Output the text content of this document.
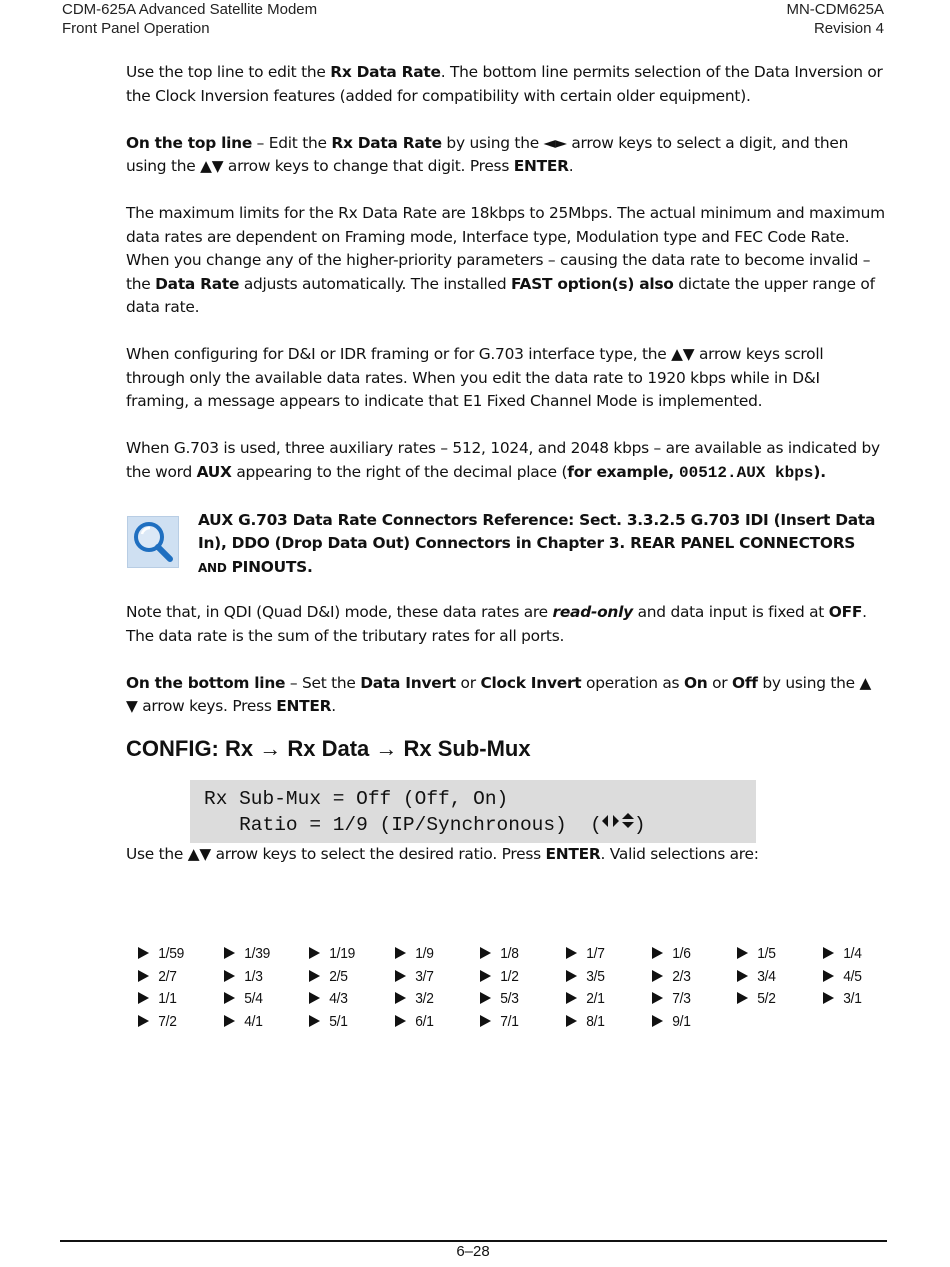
CDM-625A Advanced Satellite Modem
Front Panel Operation
MN-CDM625A
Revision 4

Use the top line to edit the Rx Data Rate. The bottom line permits selection of the Data Inversion or the Clock Inversion features (added for compatibility with certain older equipment).

On the top line – Edit the Rx Data Rate by using the ◄► arrow keys to select a digit, and then using the ▲▼ arrow keys to change that digit. Press ENTER.

The maximum limits for the Rx Data Rate are 18kbps to 25Mbps. The actual minimum and maximum data rates are dependent on Framing mode, Interface type, Modulation type and FEC Code Rate. When you change any of the higher-priority parameters – causing the data rate to become invalid – the Data Rate adjusts automatically. The installed FAST option(s) also dictate the upper range of data rate.

When configuring for D&I or IDR framing or for G.703 interface type, the ▲▼ arrow keys scroll through only the available data rates. When you edit the data rate to 1920 kbps while in D&I framing, a message appears to indicate that E1 Fixed Channel Mode is implemented.

When G.703 is used, three auxiliary rates – 512, 1024, and 2048 kbps – are available as indicated by the word AUX appearing to the right of the decimal place (for example, 00512.AUX kbps).

AUX G.703 Data Rate Connectors Reference: Sect. 3.3.2.5 G.703 IDI (Insert Data In), DDO (Drop Data Out) Connectors in Chapter 3. REAR PANEL CONNECTORS AND PINOUTS.

Note that, in QDI (Quad D&I) mode, these data rates are read-only and data input is fixed at OFF. The data rate is the sum of the tributary rates for all ports.

On the bottom line – Set the Data Invert or Clock Invert operation as On or Off by using the ▲ ▼ arrow keys. Press ENTER.

CONFIG: Rx → Rx Data → Rx Sub-Mux
Rx Sub-Mux = Off (Off, On)
Ratio = 1/9 (IP/Synchronous)  ( )

Use the ▲▼ arrow keys to select the desired ratio. Press ENTER. Valid selections are:

1/59	1/39	1/19	1/9	1/8	1/7	1/6	1/5	1/4
2/7	1/3	2/5	3/7	1/2	3/5	2/3	3/4	4/5
1/1	5/4	4/3	3/2	5/3	2/1	7/3	5/2	3/1
7/2	4/1	5/1	6/1	7/1	8/1	9/1
6–28
